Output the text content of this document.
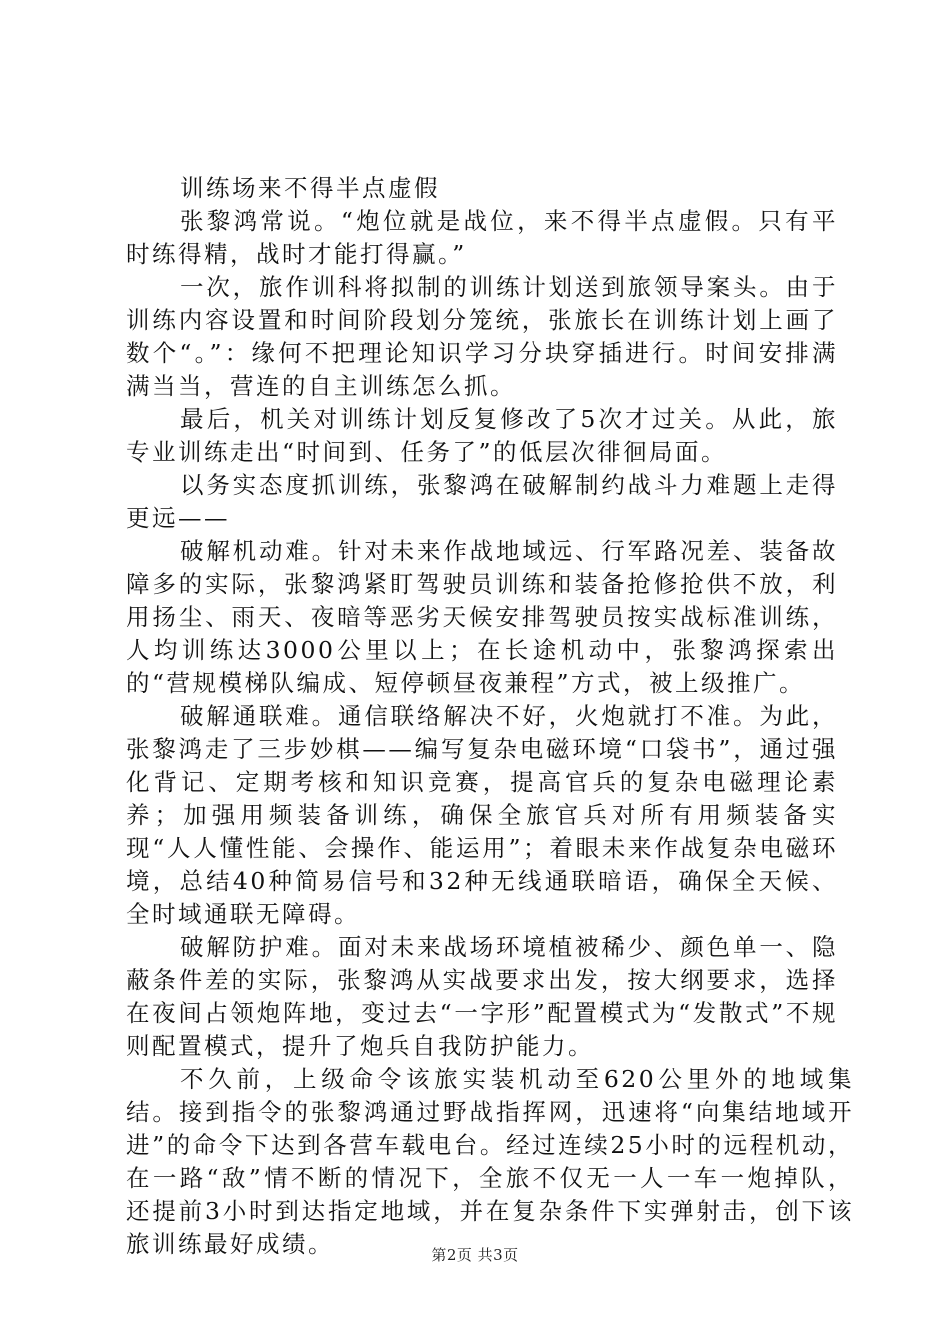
训练场来不得半点虚假

张黎鸿常说。“炮位就是战位，来不得半点虚假。只有平时练得精，战时才能打得赢。”

一次，旅作训科将拟制的训练计划送到旅领导案头。由于训练内容设置和时间阶段划分笼统，张旅长在训练计划上画了数个“。”：缘何不把理论知识学习分块穿插进行。时间安排满满当当，营连的自主训练怎么抓。

最后，机关对训练计划反复修改了5次才过关。从此，旅专业训练走出“时间到、任务了”的低层次徘徊局面。

以务实态度抓训练，张黎鸿在破解制约战斗力难题上走得更远——

破解机动难。针对未来作战地域远、行军路况差、装备故障多的实际，张黎鸿紧盯驾驶员训练和装备抢修抢供不放，利用扬尘、雨天、夜暗等恶劣天候安排驾驶员按实战标准训练，人均训练达3000公里以上；在长途机动中，张黎鸿探索出的“营规模梯队编成、短停顿昼夜兼程”方式，被上级推广。

破解通联难。通信联络解决不好，火炮就打不准。为此，张黎鸿走了三步妙棋——编写复杂电磁环境“口袋书”，通过强化背记、定期考核和知识竞赛，提高官兵的复杂电磁理论素养；加强用频装备训练，确保全旅官兵对所有用频装备实现“人人懂性能、会操作、能运用”；着眼未来作战复杂电磁环境，总结40种简易信号和32种无线通联暗语，确保全天候、全时域通联无障碍。

破解防护难。面对未来战场环境植被稀少、颜色单一、隐蔽条件差的实际，张黎鸿从实战要求出发，按大纲要求，选择在夜间占领炮阵地，变过去“一字形”配置模式为“发散式”不规则配置模式，提升了炮兵自我防护能力。

不久前，上级命令该旅实装机动至620公里外的地域集结。接到指令的张黎鸿通过野战指挥网，迅速将“向集结地域开进”的命令下达到各营车载电台。经过连续25小时的远程机动，在一路“敌”情不断的情况下，全旅不仅无一人一车一炮掉队，还提前3小时到达指定地域，并在复杂条件下实弹射击，创下该旅训练最好成绩。	第2页 共3页
